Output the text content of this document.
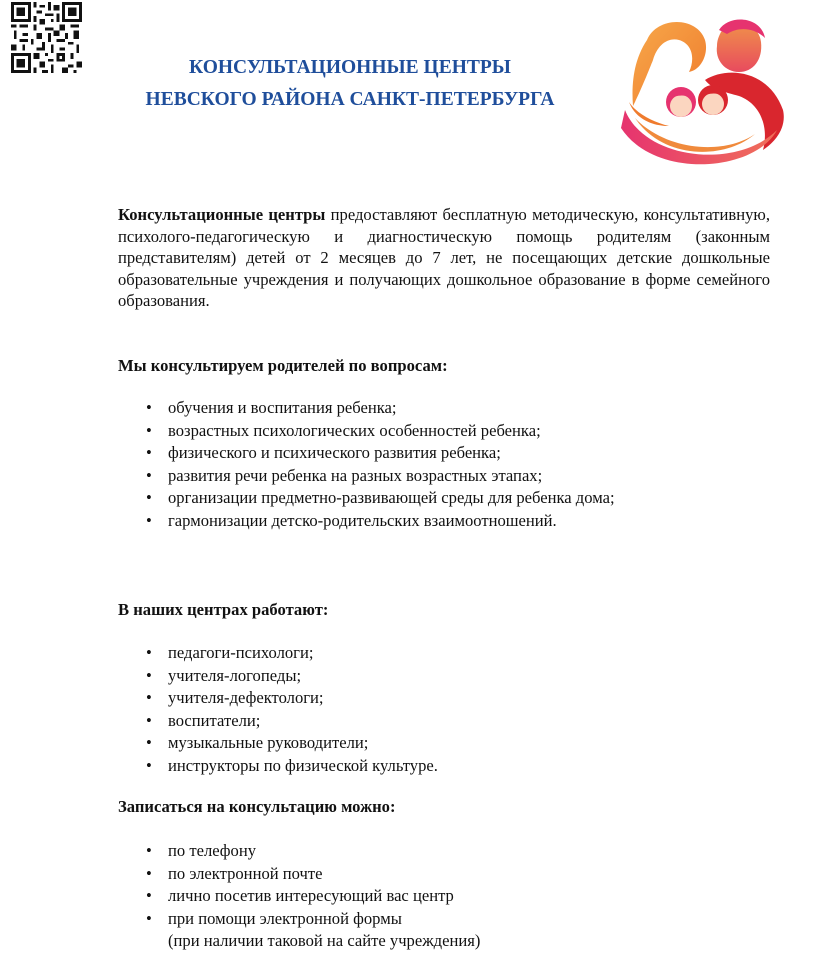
КОНСУЛЬТАЦИОННЫЕ ЦЕНТРЫ
НЕВСКОГО РАЙОНА САНКТ-ПЕТЕРБУРГА
Консультационные центры предоставляют бесплатную методическую, консультативную, психолого-педагогическую и диагностическую помощь родителям (законным представителям) детей от 2 месяцев до 7 лет, не посещающих детские дошкольные образовательные учреждения и получающих дошкольное образование в форме семейного образования.
Мы консультируем родителей по вопросам:
• обучения и воспитания ребенка;
• возрастных психологических особенностей ребенка;
• физического и психического развития ребенка;
• развития речи ребенка на разных возрастных этапах;
• организации предметно-развивающей среды для ребенка дома;
• гармонизации детско-родительских взаимоотношений.
В наших центрах работают:
• педагоги-психологи;
• учителя-логопеды;
• учителя-дефектологи;
• воспитатели;
• музыкальные руководители;
• инструкторы по физической культуре.
Записаться на консультацию можно:
• по телефону
• по электронной почте
• лично посетив интересующий вас центр
• при помощи электронной формы
(при наличии таковой на сайте учреждения)
